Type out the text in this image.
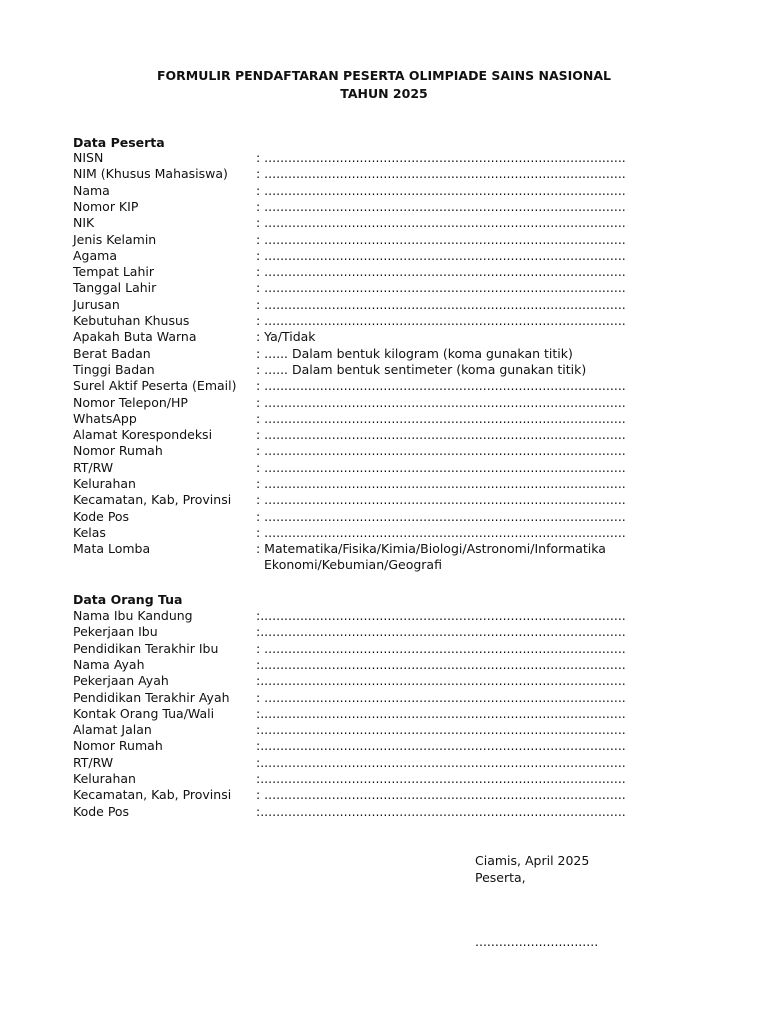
FORMULIR PENDAFTARAN PESERTA OLIMPIADE SAINS NASIONAL
TAHUN 2025
Data Peserta
NISN	: ...........................................................................................
NIM (Khusus Mahasiswa) : ...........................................................................................
Nama	: ...........................................................................................
Nomor KIP	: ...........................................................................................
NIK	: ...........................................................................................
Jenis Kelamin	: ...........................................................................................
Agama	: ...........................................................................................
Tempat Lahir	: ...........................................................................................
Tanggal Lahir	: ...........................................................................................
Jurusan	: ...........................................................................................
Kebutuhan Khusus	: ...........................................................................................
Apakah Buta Warna	: Ya/Tidak
Berat Badan	: ...... Dalam bentuk kilogram (koma gunakan titik)
Tinggi Badan	: ...... Dalam bentuk sentimeter (koma gunakan titik)
Surel Aktif Peserta (Email) : ...........................................................................................
Nomor Telepon/HP	: ...........................................................................................
WhatsApp	: ...........................................................................................
Alamat Korespondeksi	: ...........................................................................................
Nomor Rumah	: ...........................................................................................
RT/RW	: ...........................................................................................
Kelurahan	: ...........................................................................................
Kecamatan, Kab, Provinsi : ...........................................................................................
Kode Pos	: ...........................................................................................
Kelas	: ...........................................................................................
Mata Lomba	: Matematika/Fisika/Kimia/Biologi/Astronomi/Informatika
Ekonomi/Kebumian/Geografi
Data Orang Tua
Nama Ibu Kandung	:............................................................................................
Pekerjaan Ibu	:............................................................................................
Pendidikan Terakhir Ibu	: ...........................................................................................
Nama Ayah	:............................................................................................
Pekerjaan Ayah	:............................................................................................
Pendidikan Terakhir Ayah : ...........................................................................................
Kontak Orang Tua/Wali	:............................................................................................
Alamat Jalan	:............................................................................................
Nomor Rumah	:............................................................................................
RT/RW	:............................................................................................
Kelurahan	:............................................................................................
Kecamatan, Kab, Provinsi : ...........................................................................................
Kode Pos	:............................................................................................
Ciamis, April 2025
Peserta,
...............................
